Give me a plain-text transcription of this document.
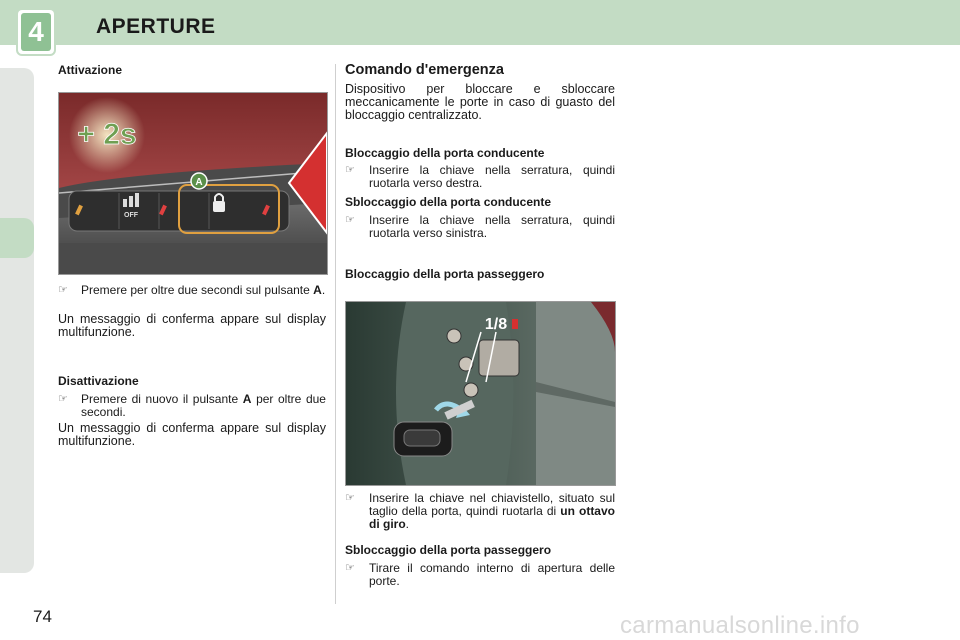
4	APERTURE
Attivazione
OFF
A
+ 2s
☞	Premere per oltre due secondi sul pulsante A.
Un messaggio di conferma appare sul display multifunzione.
Disattivazione
☞	Premere di nuovo il pulsante A per oltre due secondi.
Un messaggio di conferma appare sul display multifunzione.
Comando d'emergenza
Dispositivo per bloccare e sbloccare meccanicamente le porte in caso di guasto del bloccaggio centralizzato.
Bloccaggio della porta conducente
☞	Inserire la chiave nella serratura, quindi ruotarla verso destra.
Sbloccaggio della porta conducente
☞	Inserire la chiave nella serratura, quindi ruotarla verso sinistra.
Bloccaggio della porta passeggero
1/8
☞	Inserire la chiave nel chiavistello, situato sul taglio della porta, quindi ruotarla di un ottavo di giro.
Sbloccaggio della porta passeggero
☞	Tirare il comando interno di apertura delle porte.
74	carmanualsonline.info
